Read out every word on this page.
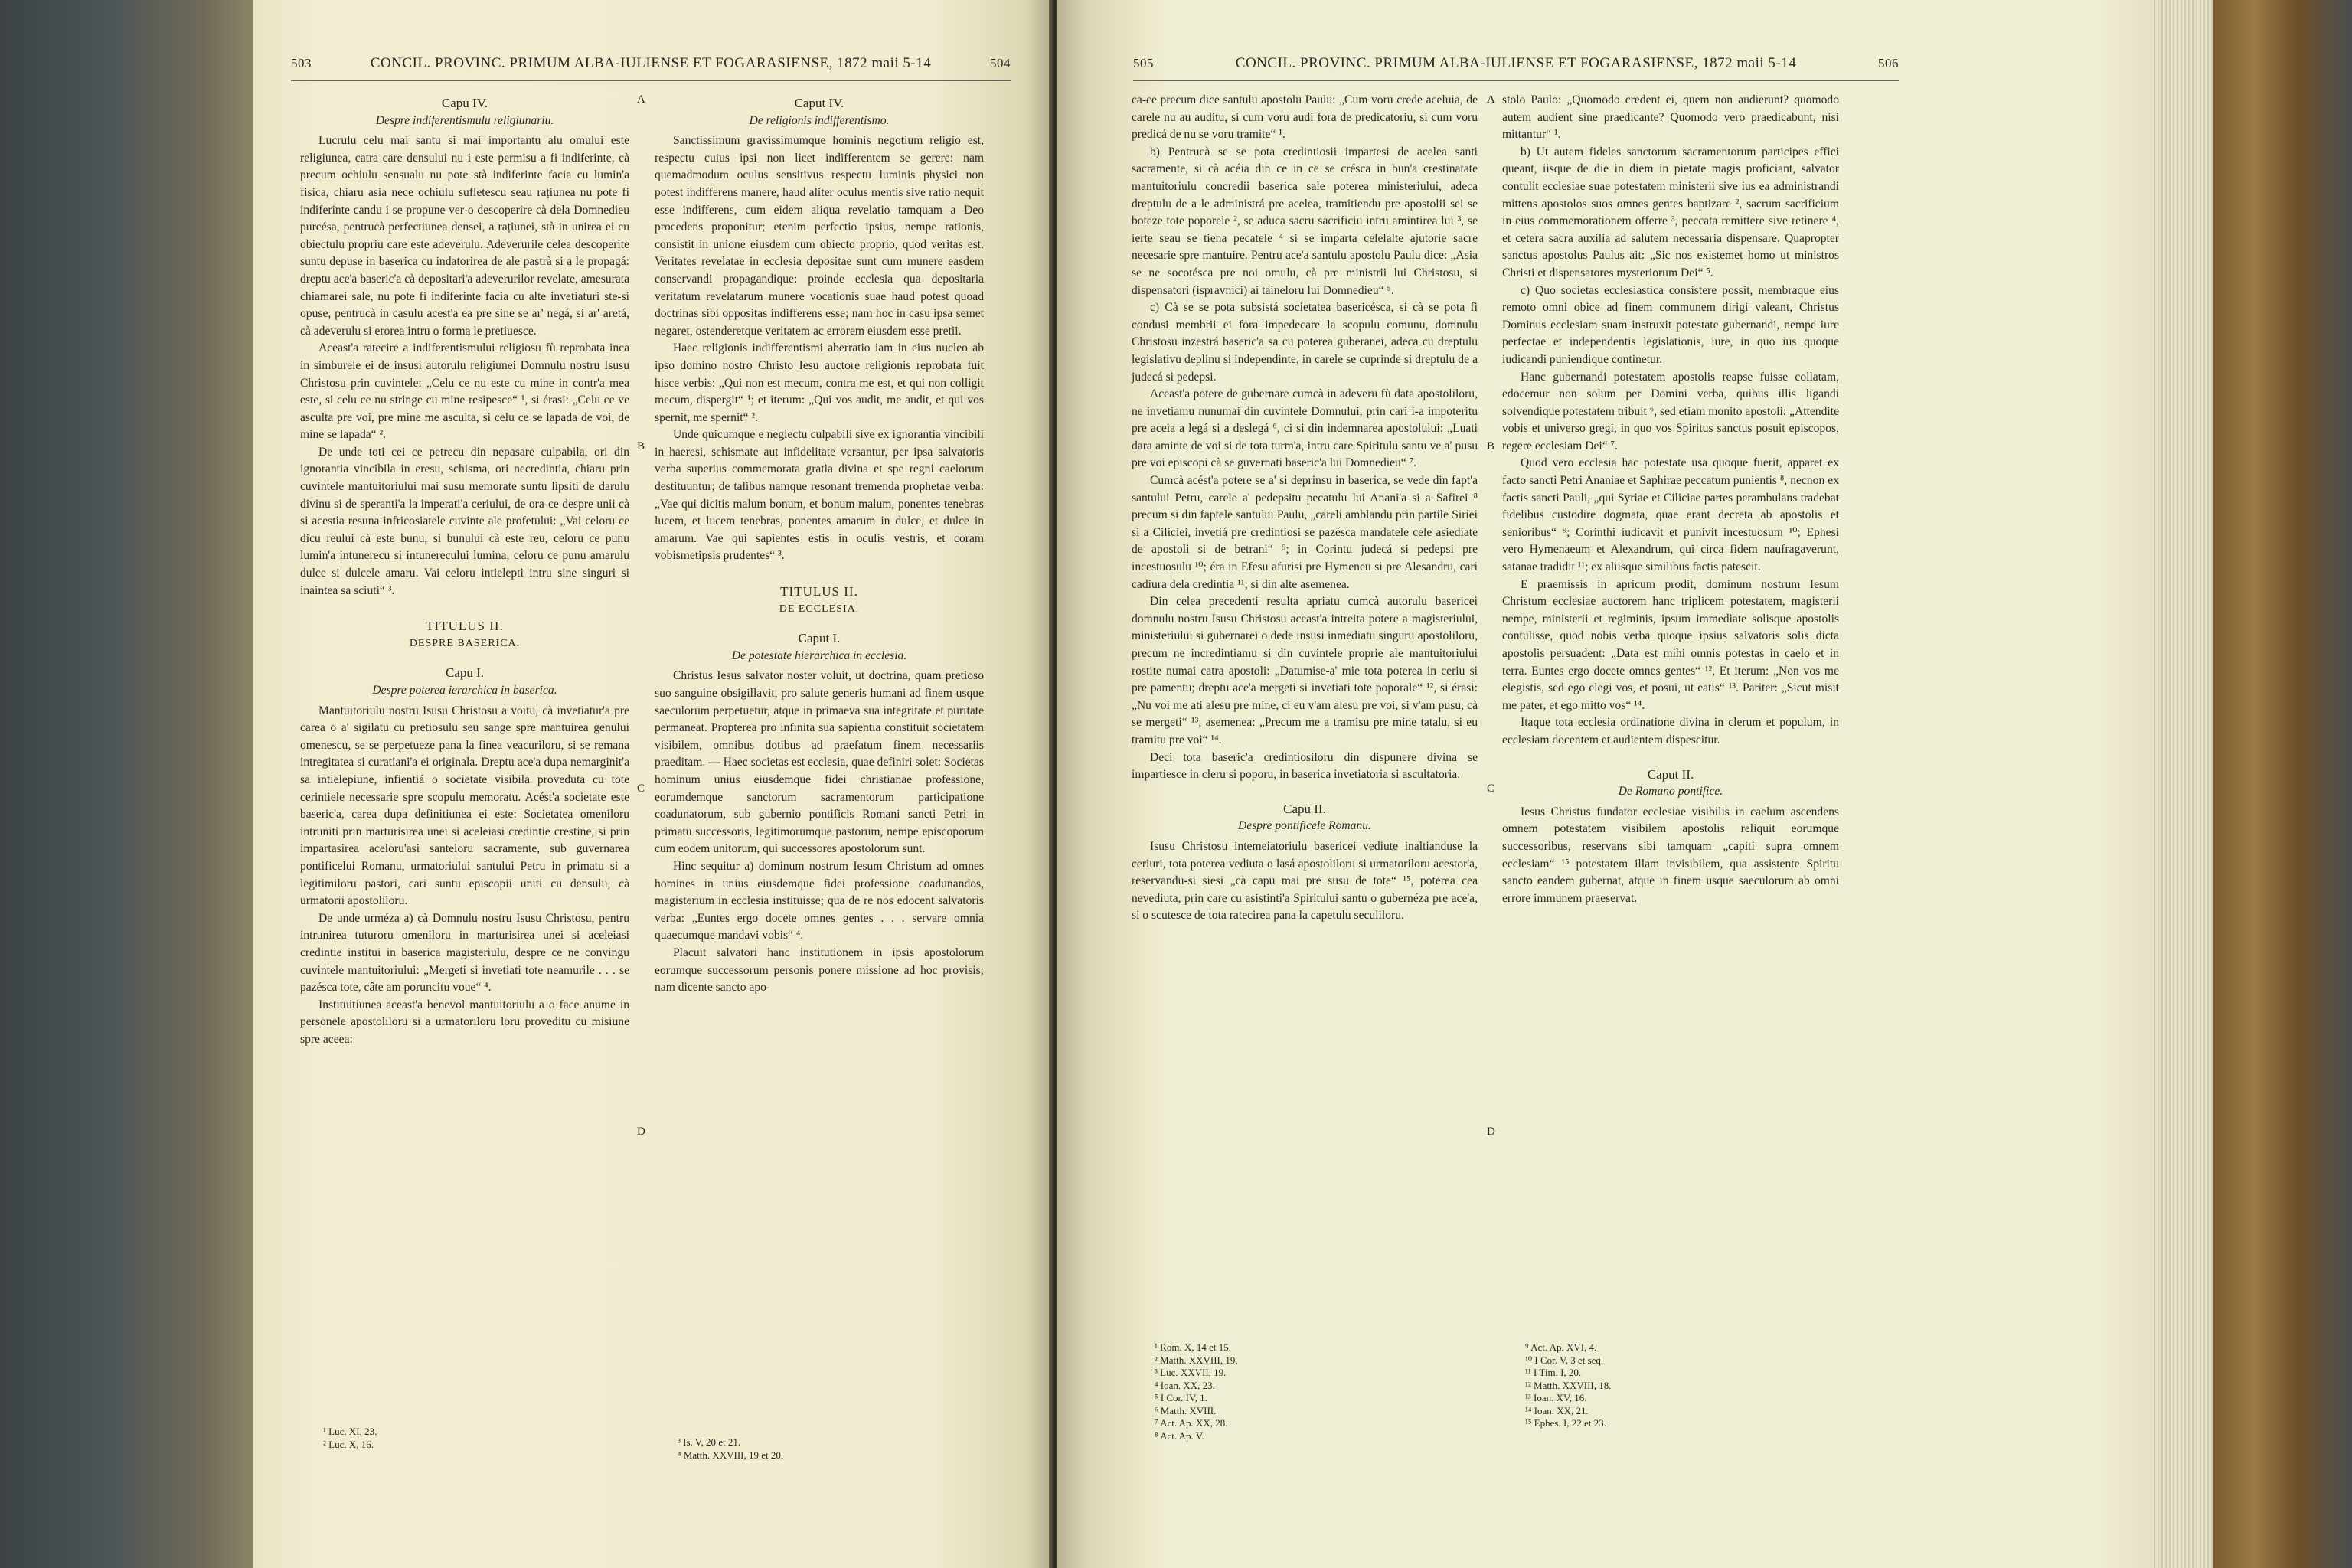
503	CONCIL. PROVINC. PRIMUM ALBA-IULIENSE ET FOGARASIENSE, 1872 maii 5-14	504

Capu IV.

Despre indiferentismulu religiunariu.

Lucrulu celu mai santu si mai importantu alu omului este religiunea, catra care densului nu i este permisu a fi indiferinte, cà precum ochiulu sensualu nu pote stà indiferinte facia cu lumin'a fisica, chiaru asia nece ochiulu sufletescu seau rațiunea nu pote fi indiferinte candu i se propune ver-o descoperire cà dela Domnedieu purcésa, pentrucà perfectiunea densei, a rațiunei, stà in unirea ei cu obiectulu propriu care este adeverulu. Adeverurile celea descoperite suntu depuse in baserica cu indatorirea de ale pastrà si a le propagá: dreptu ace'a baseric'a cà depositari'a adeverurilor revelate, amesurata chiamarei sale, nu pote fi indiferinte facia cu alte invetiaturi ste-si opuse, pentrucà in casulu acest'a ea pre sine se ar' negá, si ar' aretá, cà adeverulu si erorea intru o forma le pretiuesce.

Aceast'a ratecire a indiferentismului religiosu fù reprobata inca in simburele ei de insusi autorulu religiunei Domnulu nostru Isusu Christosu prin cuvintele: „Celu ce nu este cu mine in contr'a mea este, si celu ce nu stringe cu mine resipesce“ ¹, si érasi: „Celu ce ve asculta pre voi, pre mine me asculta, si celu ce se lapada de voi, de mine se lapada“ ².

De unde toti cei ce petrecu din nepasare culpabila, ori din ignorantia vincibila in eresu, schisma, ori necredintia, chiaru prin cuvintele mantuitoriului mai susu memorate suntu lipsiti de darulu divinu si de speranti'a la imperati'a ceriului, de ora-ce despre unii cà si acestia resuna infricosiatele cuvinte ale profetului: „Vai celoru ce dicu reului cà este bunu, si bunului cà este reu, celoru ce punu lumin'a intunerecu si intunerecului lumina, celoru ce punu amarulu dulce si dulcele amaru. Vai celoru intielepti intru sine singuri si inaintea sa sciuti“ ³.

TITULUS II.

DESPRE BASERICA.

Capu I.

Despre poterea ierarchica in baserica.

Mantuitoriulu nostru Isusu Christosu a voitu, cà invetiatur'a pre carea o a' sigilatu cu pretiosulu seu sange spre mantuirea genului omenescu, se se perpetueze pana la finea veacuriloru, si se remana intregitatea si curatiani'a ei originala. Dreptu ace'a dupa nemarginit'a sa intielepiune, infientiá o societate visibila proveduta cu tote cerintiele necessarie spre scopulu memoratu. Acést'a societate este baseric'a, carea dupa definitiunea ei este: Societatea omeniloru intruniti prin marturisirea unei si aceleiasi credintie crestine, si prin impartasirea aceloru'asi santeloru sacramente, sub guvernarea pontificelui Romanu, urmatoriului santului Petru in primatu si a legitimiloru pastori, cari suntu episcopii uniti cu densulu, cà urmatorii apostoliloru.

De unde urméza a) cà Domnulu nostru Isusu Christosu, pentru intrunirea tuturoru omeniloru in marturisirea unei si aceleiasi credintie institui in baserica magisteriulu, despre ce ne convingu cuvintele mantuitoriului: „Mergeti si invetiati tote neamurile . . . se pazésca tote, câte am poruncitu voue“ ⁴.

Instituitiunea aceast'a benevol mantuitoriulu a o face anume in personele apostoliloru si a urmatoriloru loru proveditu cu misiune spre aceea:

¹ Luc. XI, 23.
² Luc. X, 16.
A
B
C
D

Caput IV.

De religionis indifferentismo.

Sanctissimum gravissimumque hominis negotium religio est, respectu cuius ipsi non licet indifferentem se gerere: nam quemadmodum oculus sensitivus respectu luminis physici non potest indifferens manere, haud aliter oculus mentis sive ratio nequit esse indifferens, cum eidem aliqua revelatio tamquam a Deo procedens proponitur; etenim perfectio ipsius, nempe rationis, consistit in unione eiusdem cum obiecto proprio, quod veritas est. Veritates revelatae in ecclesia depositae sunt cum munere easdem conservandi propagandique: proinde ecclesia qua depositaria veritatum revelatarum munere vocationis suae haud potest quoad doctrinas sibi oppositas indifferens esse; nam hoc in casu ipsa semet negaret, ostenderetque veritatem ac errorem eiusdem esse pretii.

Haec religionis indifferentismi aberratio iam in eius nucleo ab ipso domino nostro Christo Iesu auctore religionis reprobata fuit hisce verbis: „Qui non est mecum, contra me est, et qui non colligit mecum, dispergit“ ¹; et iterum: „Qui vos audit, me audit, et qui vos spernit, me spernit“ ².

Unde quicumque e neglectu culpabili sive ex ignorantia vincibili in haeresi, schismate aut infidelitate versantur, per ipsa salvatoris verba superius commemorata gratia divina et spe regni caelorum destituuntur; de talibus namque resonant tremenda prophetae verba: „Vae qui dicitis malum bonum, et bonum malum, ponentes tenebras lucem, et lucem tenebras, ponentes amarum in dulce, et dulce in amarum. Vae qui sapientes estis in oculis vestris, et coram vobismetipsis prudentes“ ³.

TITULUS II.

DE ECCLESIA.

Caput I.

De potestate hierarchica in ecclesia.

Christus Iesus salvator noster voluit, ut doctrina, quam pretioso suo sanguine obsigillavit, pro salute generis humani ad finem usque saeculorum perpetuetur, atque in primaeva sua integritate et puritate permaneat. Propterea pro infinita sua sapientia constituit societatem visibilem, omnibus dotibus ad praefatum finem necessariis praeditam. — Haec societas est ecclesia, quae definiri solet: Societas hominum unius eiusdemque fidei christianae professione, eorumdemque sanctorum sacramentorum participatione coadunatorum, sub gubernio pontificis Romani sancti Petri in primatu successoris, legitimorumque pastorum, nempe episcoporum cum eodem unitorum, qui successores apostolorum sunt.

Hinc sequitur a) dominum nostrum Iesum Christum ad omnes homines in unius eiusdemque fidei professione coadunandos, magisterium in ecclesia instituisse; qua de re nos edocent salvatoris verba: „Euntes ergo docete omnes gentes . . . servare omnia quaecumque mandavi vobis“ ⁴.

Placuit salvatori hanc institutionem in ipsis apostolorum eorumque successorum personis ponere missione ad hoc provisis; nam dicente sancto apo-

³ Is. V, 20 et 21.
⁴ Matth. XXVIII, 19 et 20.
505	CONCIL. PROVINC. PRIMUM ALBA-IULIENSE ET FOGARASIENSE, 1872 maii 5-14	506

ca-ce precum dice santulu apostolu Paulu: „Cum voru crede aceluia, de carele nu au auditu, si cum voru audi fora de predicatoriu, si cum voru predicá de nu se voru tramite“ ¹.

b) Pentrucà se se pota credintiosii impartesi de acelea santi sacramente, si cà acéia din ce in ce se crésca in bun'a crestinatate mantuitoriulu concredii baserica sale poterea ministeriului, adeca dreptulu de a le administrá pre acelea, tramitiendu pre apostolii sei se boteze tote poporele ², se aduca sacru sacrificiu intru amintirea lui ³, se ierte seau se tiena pecatele ⁴ si se imparta celelalte ajutorie sacre necesarie spre mantuire. Pentru ace'a santulu apostolu Paulu dice: „Asia se ne socotésca pre noi omulu, cà pre ministrii lui Christosu, si dispensatori (ispravnici) ai taineloru lui Domnedieu“ ⁵.

c) Cà se se pota subsistá societatea basericésca, si cà se pota fi condusi membrii ei fora impedecare la scopulu comunu, domnulu Christosu inzestrá baseric'a sa cu poterea guberanei, adeca cu dreptulu legislativu deplinu si independinte, in carele se cuprinde si dreptulu de a judecá si pedepsi.

Aceast'a potere de gubernare cumcà in adeveru fù data apostoliloru, ne invetiamu nunumai din cuvintele Domnului, prin cari i-a impoteritu pre aceia a legá si a deslegá ⁶, ci si din indemnarea apostolului: „Luati dara aminte de voi si de tota turm'a, intru care Spiritulu santu ve a' pusu pre voi episcopi cà se guvernati baseric'a lui Domnedieu“ ⁷.

Cumcà acést'a potere se a' si deprinsu in baserica, se vede din fapt'a santului Petru, carele a' pedepsitu pecatulu lui Anani'a si a Safirei ⁸ precum si din faptele santului Paulu, „careli amblandu prin partile Siriei si a Ciliciei, invetiá pre credintiosi se pazésca mandatele cele asiediate de apostoli si de betrani“ ⁹; in Corintu judecá si pedepsi pre incestuosulu ¹⁰; éra in Efesu afurisi pre Hymeneu si pre Alesandru, cari cadiura dela credintia ¹¹; si din alte asemenea.

Din celea precedenti resulta apriatu cumcà autorulu basericei domnulu nostru Isusu Christosu aceast'a intreita potere a magisteriului, ministeriului si gubernarei o dede insusi inmediatu singuru apostoliloru, precum ne incredintiamu si din cuvintele proprie ale mantuitoriului rostite numai catra apostoli: „Datumise-a' mie tota poterea in ceriu si pre pamentu; dreptu ace'a mergeti si invetiati tote poporale“ ¹², si érasi: „Nu voi me ati alesu pre mine, ci eu v'am alesu pre voi, si v'am pusu, cà se mergeti“ ¹³, asemenea: „Precum me a tramisu pre mine tatalu, si eu tramitu pre voi“ ¹⁴.

Deci tota baseric'a credintiosiloru din dispunere divina se impartiesce in cleru si poporu, in baserica invetiatoria si ascultatoria.

Capu II.

Despre pontificele Romanu.

Isusu Christosu intemeiatoriulu basericei vediute inaltianduse la ceriuri, tota poterea vediuta o lasá apostoliloru si urmatoriloru acestor'a, reservandu-si siesi „cà capu mai pre susu de tote“ ¹⁵, poterea cea nevediuta, prin care cu asistinti'a Spiritului santu o gubernéza pre ace'a, si o scutesce de tota ratecirea pana la capetulu seculiloru.

¹ Rom. X, 14 et 15.
² Matth. XXVIII, 19.
³ Luc. XXVII, 19.
⁴ Ioan. XX, 23.
⁵ I Cor. IV, 1.
⁶ Matth. XVIII.
⁷ Act. Ap. XX, 28.
⁸ Act. Ap. V.
A
B
C
D

stolo Paulo: „Quomodo credent ei, quem non audierunt? quomodo autem audient sine praedicante? Quomodo vero praedicabunt, nisi mittantur“ ¹.

b) Ut autem fideles sanctorum sacramentorum participes effici queant, iisque de die in diem in pietate magis proficiant, salvator contulit ecclesiae suae potestatem ministerii sive ius ea administrandi mittens apostolos suos omnes gentes baptizare ², sacrum sacrificium in eius commemorationem offerre ³, peccata remittere sive retinere ⁴, et cetera sacra auxilia ad salutem necessaria dispensare. Quapropter sanctus apostolus Paulus ait: „Sic nos existemet homo ut ministros Christi et dispensatores mysteriorum Dei“ ⁵.

c) Quo societas ecclesiastica consistere possit, membraque eius remoto omni obice ad finem communem dirigi valeant, Christus Dominus ecclesiam suam instruxit potestate gubernandi, nempe iure perfectae et independentis legislationis, iure, in quo ius quoque iudicandi puniendique continetur.

Hanc gubernandi potestatem apostolis reapse fuisse collatam, edocemur non solum per Domini verba, quibus illis ligandi solvendique potestatem tribuit ⁶, sed etiam monito apostoli: „Attendite vobis et universo gregi, in quo vos Spiritus sanctus posuit episcopos, regere ecclesiam Dei“ ⁷.

Quod vero ecclesia hac potestate usa quoque fuerit, apparet ex facto sancti Petri Ananiae et Saphirae peccatum punientis ⁸, necnon ex factis sancti Pauli, „qui Syriae et Ciliciae partes perambulans tradebat fidelibus custodire dogmata, quae erant decreta ab apostolis et senioribus“ ⁹; Corinthi iudicavit et punivit incestuosum ¹⁰; Ephesi vero Hymenaeum et Alexandrum, qui circa fidem naufragaverunt, satanae tradidit ¹¹; ex aliisque similibus factis patescit.

E praemissis in apricum prodit, dominum nostrum Iesum Christum ecclesiae auctorem hanc triplicem potestatem, magisterii nempe, ministerii et regiminis, ipsum immediate solisque apostolis contulisse, quod nobis verba quoque ipsius salvatoris solis dicta apostolis persuadent: „Data est mihi omnis potestas in caelo et in terra. Euntes ergo docete omnes gentes“ ¹², Et iterum: „Non vos me elegistis, sed ego elegi vos, et posui, ut eatis“ ¹³. Pariter: „Sicut misit me pater, et ego mitto vos“ ¹⁴.

Itaque tota ecclesia ordinatione divina in clerum et populum, in ecclesiam docentem et audientem dispescitur.

Caput II.

De Romano pontifice.

Iesus Christus fundator ecclesiae visibilis in caelum ascendens omnem potestatem visibilem apostolis reliquit eorumque successoribus, reservans sibi tamquam „capiti supra omnem ecclesiam“ ¹⁵ potestatem illam invisibilem, qua assistente Spiritu sancto eandem gubernat, atque in finem usque saeculorum ab omni errore immunem praeservat.

⁹ Act. Ap. XVI, 4.
¹⁰ I Cor. V, 3 et seq.
¹¹ I Tim. I, 20.
¹² Matth. XXVIII, 18.
¹³ Ioan. XV, 16.
¹⁴ Ioan. XX, 21.
¹⁵ Ephes. I, 22 et 23.
